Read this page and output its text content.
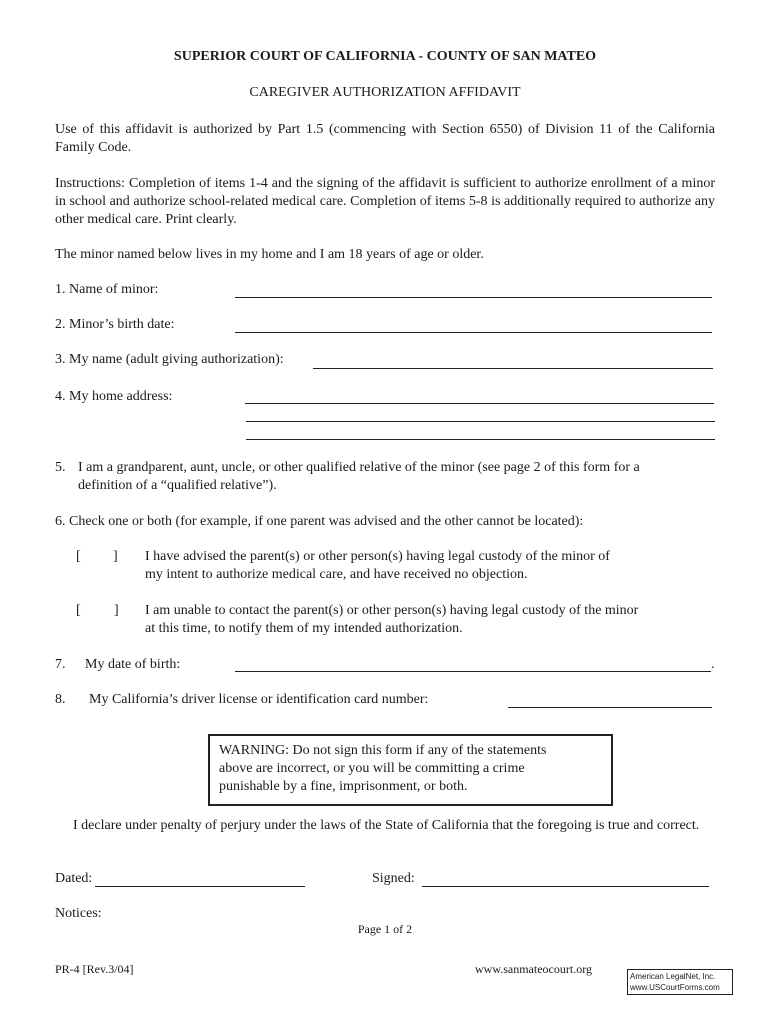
SUPERIOR COURT OF CALIFORNIA - COUNTY OF SAN MATEO
CAREGIVER AUTHORIZATION AFFIDAVIT
Use of this affidavit is authorized by Part 1.5 (commencing with Section 6550) of Division 11 of the California Family Code.
Instructions: Completion of items 1-4 and the signing of the affidavit is sufficient to authorize enrollment of a minor in school and authorize school-related medical care. Completion of items 5-8 is additionally required to authorize any other medical care. Print clearly.
The minor named below lives in my home and I am 18 years of age or older.
1. Name of minor:
2. Minor’s birth date:
3. My name (adult giving authorization):
4. My home address:
5. I am a grandparent, aunt, uncle, or other qualified relative of the minor (see page 2 of this form for a
definition of a “qualified relative”).
6. Check one or both (for example, if one parent was advised and the other cannot be located):
[ ] I have advised the parent(s) or other person(s) having legal custody of the minor of
my intent to authorize medical care, and have received no objection.
[ ] I am unable to contact the parent(s) or other person(s) having legal custody of the minor
at this time, to notify them of my intended authorization.
7. My date of birth:	.
8. My California’s driver license or identification card number:
WARNING: Do not sign this form if any of the statements
above are incorrect, or you will be committing a crime
punishable by a fine, imprisonment, or both.
I declare under penalty of perjury under the laws of the State of California that the foregoing is true and correct.
Dated:	Signed:
Notices:
Page 1 of 2
PR-4 [Rev.3/04]	www.sanmateocourt.org
American LegalNet, Inc.
www.USCourtForms.com
